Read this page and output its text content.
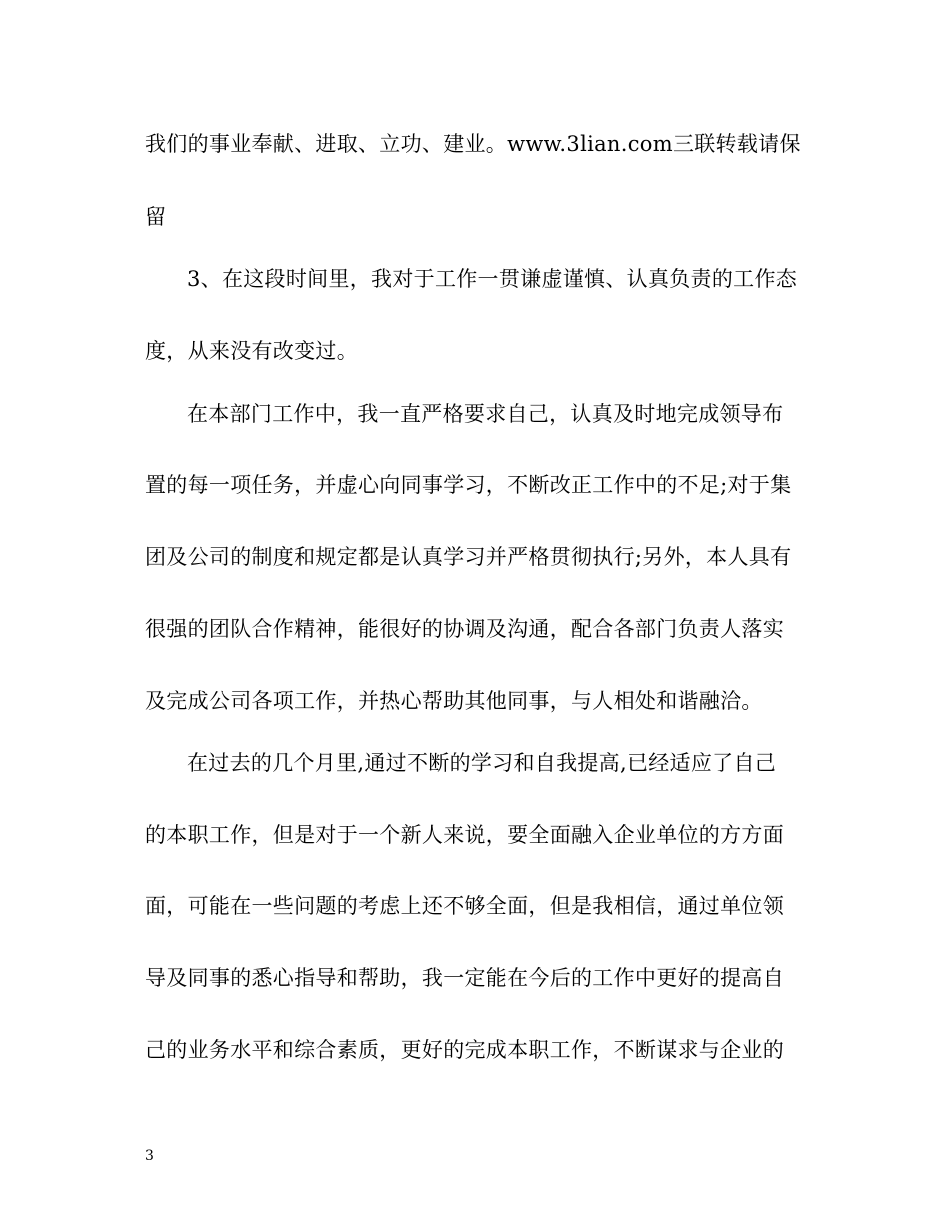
我们的事业奉献、进取、立功、建业。www.3lian.com三联转载请保
留
3、在这段时间里，我对于工作一贯谦虚谨慎、认真负责的工作态
度，从来没有改变过。
在本部门工作中，我一直严格要求自己，认真及时地完成领导布
置的每一项任务，并虚心向同事学习，不断改正工作中的不足;对于集
团及公司的制度和规定都是认真学习并严格贯彻执行;另外，本人具有
很强的团队合作精神，能很好的协调及沟通，配合各部门负责人落实
及完成公司各项工作，并热心帮助其他同事，与人相处和谐融洽。
在过去的几个月里,通过不断的学习和自我提高,已经适应了自己
的本职工作，但是对于一个新人来说，要全面融入企业单位的方方面
面，可能在一些问题的考虑上还不够全面，但是我相信，通过单位领
导及同事的悉心指导和帮助，我一定能在今后的工作中更好的提高自
己的业务水平和综合素质，更好的完成本职工作，不断谋求与企业的
3
